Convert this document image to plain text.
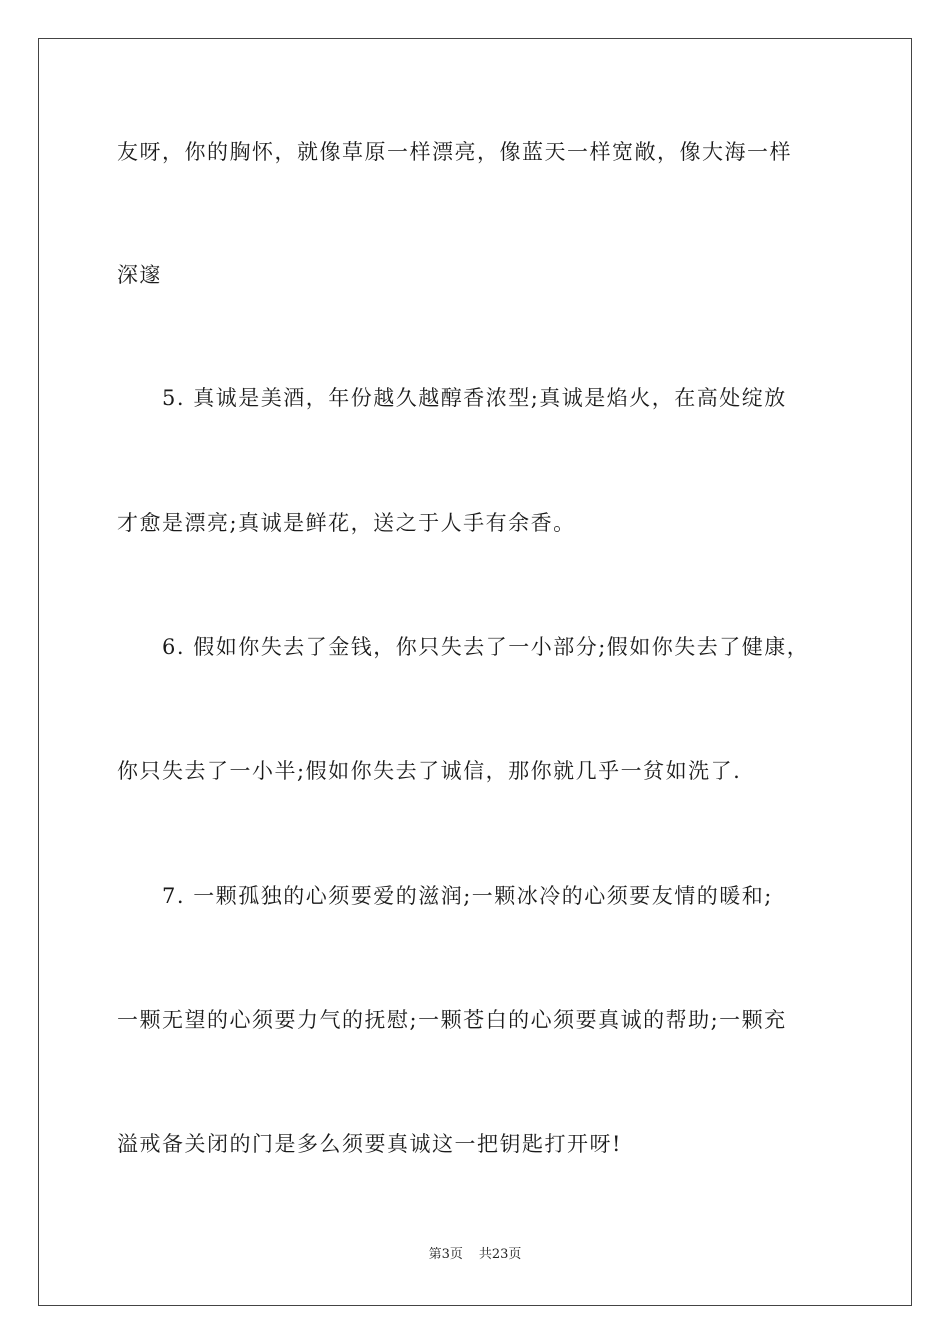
友呀，你的胸怀，就像草原一样漂亮，像蓝天一样宽敞，像大海一样
深邃
5. 真诚是美酒，年份越久越醇香浓型;真诚是焰火，在高处绽放
才愈是漂亮;真诚是鲜花，送之于人手有余香。
6. 假如你失去了金钱，你只失去了一小部分;假如你失去了健康，
你只失去了一小半;假如你失去了诚信，那你就几乎一贫如洗了.
7. 一颗孤独的心须要爱的滋润;一颗冰冷的心须要友情的暖和;
一颗无望的心须要力气的抚慰;一颗苍白的心须要真诚的帮助;一颗充
溢戒备关闭的门是多么须要真诚这一把钥匙打开呀!
第3页 共23页
